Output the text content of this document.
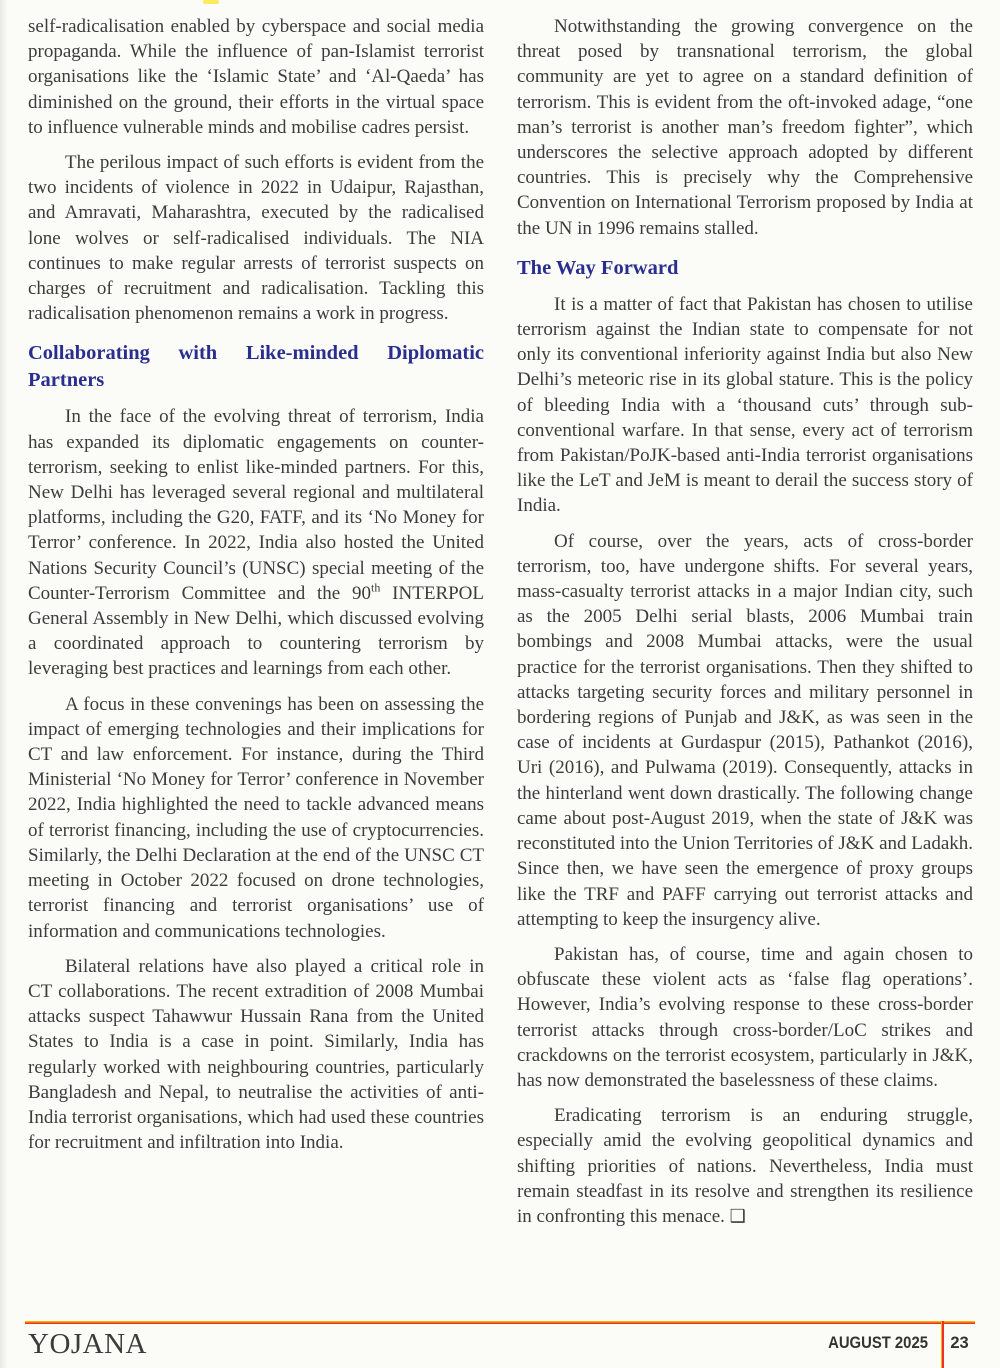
self-radicalisation enabled by cyberspace and social media propaganda. While the influence of pan-Islamist terrorist organisations like the ‘Islamic State’ and ‘Al-Qaeda’ has diminished on the ground, their efforts in the virtual space to influence vulnerable minds and mobilise cadres persist.

The perilous impact of such efforts is evident from the two incidents of violence in 2022 in Udaipur, Rajasthan, and Amravati, Maharashtra, executed by the radicalised lone wolves or self-radicalised individuals. The NIA continues to make regular arrests of terrorist suspects on charges of recruitment and radicalisation. Tackling this radicalisation phenomenon remains a work in progress.

Collaborating with Like-minded Diplomatic Partners

In the face of the evolving threat of terrorism, India has expanded its diplomatic engagements on counter-terrorism, seeking to enlist like-minded partners. For this, New Delhi has leveraged several regional and multilateral platforms, including the G20, FATF, and its ‘No Money for Terror’ conference. In 2022, India also hosted the United Nations Security Council’s (UNSC) special meeting of the Counter-Terrorism Committee and the 90th INTERPOL General Assembly in New Delhi, which discussed evolving a coordinated approach to countering terrorism by leveraging best practices and learnings from each other.

A focus in these convenings has been on assessing the impact of emerging technologies and their implications for CT and law enforcement. For instance, during the Third Ministerial ‘No Money for Terror’ conference in November 2022, India highlighted the need to tackle advanced means of terrorist financing, including the use of cryptocurrencies. Similarly, the Delhi Declaration at the end of the UNSC CT meeting in October 2022 focused on drone technologies, terrorist financing and terrorist organisations’ use of information and communications technologies.

Bilateral relations have also played a critical role in CT collaborations. The recent extradition of 2008 Mumbai attacks suspect Tahawwur Hussain Rana from the United States to India is a case in point. Similarly, India has regularly worked with neighbouring countries, particularly Bangladesh and Nepal, to neutralise the activities of anti-India terrorist organisations, which had used these countries for recruitment and infiltration into India.

Notwithstanding the growing convergence on the threat posed by transnational terrorism, the global community are yet to agree on a standard definition of terrorism. This is evident from the oft-invoked adage, “one man’s terrorist is another man’s freedom fighter”, which underscores the selective approach adopted by different countries. This is precisely why the Comprehensive Convention on International Terrorism proposed by India at the UN in 1996 remains stalled.

The Way Forward

It is a matter of fact that Pakistan has chosen to utilise terrorism against the Indian state to compensate for not only its conventional inferiority against India but also New Delhi’s meteoric rise in its global stature. This is the policy of bleeding India with a ‘thousand cuts’ through sub-conventional warfare. In that sense, every act of terrorism from Pakistan/PoJK-based anti-India terrorist organisations like the LeT and JeM is meant to derail the success story of India.

Of course, over the years, acts of cross-border terrorism, too, have undergone shifts. For several years, mass-casualty terrorist attacks in a major Indian city, such as the 2005 Delhi serial blasts, 2006 Mumbai train bombings and 2008 Mumbai attacks, were the usual practice for the terrorist organisations. Then they shifted to attacks targeting security forces and military personnel in bordering regions of Punjab and J&K, as was seen in the case of incidents at Gurdaspur (2015), Pathankot (2016), Uri (2016), and Pulwama (2019). Consequently, attacks in the hinterland went down drastically. The following change came about post-August 2019, when the state of J&K was reconstituted into the Union Territories of J&K and Ladakh. Since then, we have seen the emergence of proxy groups like the TRF and PAFF carrying out terrorist attacks and attempting to keep the insurgency alive.

Pakistan has, of course, time and again chosen to obfuscate these violent acts as ‘false flag operations’. However, India’s evolving response to these cross-border terrorist attacks through cross-border/LoC strikes and crackdowns on the terrorist ecosystem, particularly in J&K, has now demonstrated the baselessness of these claims.

Eradicating terrorism is an enduring struggle, especially amid the evolving geopolitical dynamics and shifting priorities of nations. Nevertheless, India must remain steadfast in its resolve and strengthen its resilience in confronting this menace. ❑

YOJANA	AUGUST 2025	23
